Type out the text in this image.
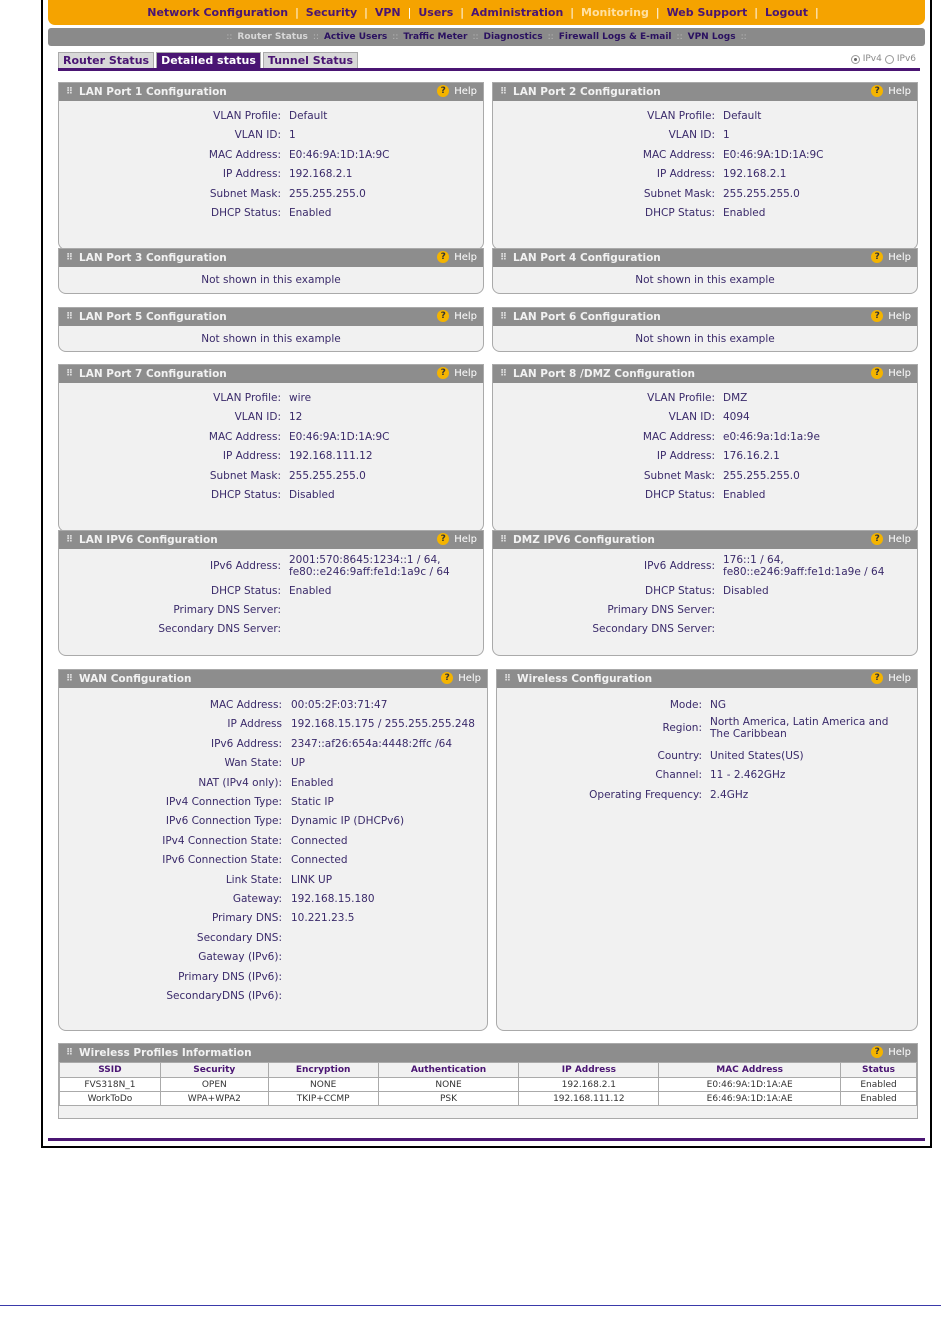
Network Configuration | Security | VPN | Users | Administration | Monitoring | Web Support | Logout |
:: Router Status :: Active Users :: Traffic Meter :: Diagnostics :: Firewall Logs & E-mail :: VPN Logs ::
Router Status	Detailed status	Tunnel Status	IPv4 IPv6
⠿ LAN Port 1 Configuration	? Help
VLAN Profile: Default
VLAN ID: 1
MAC Address: E0:46:9A:1D:1A:9C
IP Address: 192.168.2.1
Subnet Mask: 255.255.255.0
DHCP Status: Enabled
⠿ LAN Port 2 Configuration	? Help
VLAN Profile: Default
VLAN ID: 1
MAC Address: E0:46:9A:1D:1A:9C
IP Address: 192.168.2.1
Subnet Mask: 255.255.255.0
DHCP Status: Enabled
⠿ LAN Port 3 Configuration	? Help
Not shown in this example
⠿ LAN Port 4 Configuration	? Help
Not shown in this example
⠿ LAN Port 5 Configuration	? Help
Not shown in this example
⠿ LAN Port 6 Configuration	? Help
Not shown in this example
⠿ LAN Port 7 Configuration	? Help
VLAN Profile: wire
VLAN ID: 12
MAC Address: E0:46:9A:1D:1A:9C
IP Address: 192.168.111.12
Subnet Mask: 255.255.255.0
DHCP Status: Disabled
⠿ LAN Port 8 /DMZ Configuration	? Help
VLAN Profile: DMZ
VLAN ID: 4094
MAC Address: e0:46:9a:1d:1a:9e
IP Address: 176.16.2.1
Subnet Mask: 255.255.255.0
DHCP Status: Enabled
⠿ LAN IPV6 Configuration	? Help
IPv6 Address: 2001:570:8645:1234::1 / 64,
fe80::e246:9aff:fe1d:1a9c / 64
DHCP Status: Enabled
Primary DNS Server:
Secondary DNS Server:
⠿ DMZ IPV6 Configuration	? Help
IPv6 Address: 176::1 / 64,
fe80::e246:9aff:fe1d:1a9e / 64
DHCP Status: Disabled
Primary DNS Server:
Secondary DNS Server:
⠿ WAN Configuration	? Help
MAC Address: 00:05:2F:03:71:47
IP Address 192.168.15.175 / 255.255.255.248
IPv6 Address: 2347::af26:654a:4448:2ffc /64
Wan State: UP
NAT (IPv4 only): Enabled
IPv4 Connection Type: Static IP
IPv6 Connection Type: Dynamic IP (DHCPv6)
IPv4 Connection State: Connected
IPv6 Connection State: Connected
Link State: LINK UP
Gateway: 192.168.15.180
Primary DNS: 10.221.23.5
Secondary DNS:
Gateway (IPv6):
Primary DNS (IPv6):
SecondaryDNS (IPv6):
⠿ Wireless Configuration	? Help
Mode: NG
Region: North America, Latin America and
The Caribbean
Country: United States(US)
Channel: 11 - 2.462GHz
Operating Frequency: 2.4GHz
⠿ Wireless Profiles Information	? Help
SSID	Security	Encryption	Authentication	IP Address	MAC Address	Status
FVS318N_1	OPEN	NONE	NONE	192.168.2.1	E0:46:9A:1D:1A:AE	Enabled
WorkToDo	WPA+WPA2	TKIP+CCMP	PSK	192.168.111.12	E6:46:9A:1D:1A:AE	Enabled
